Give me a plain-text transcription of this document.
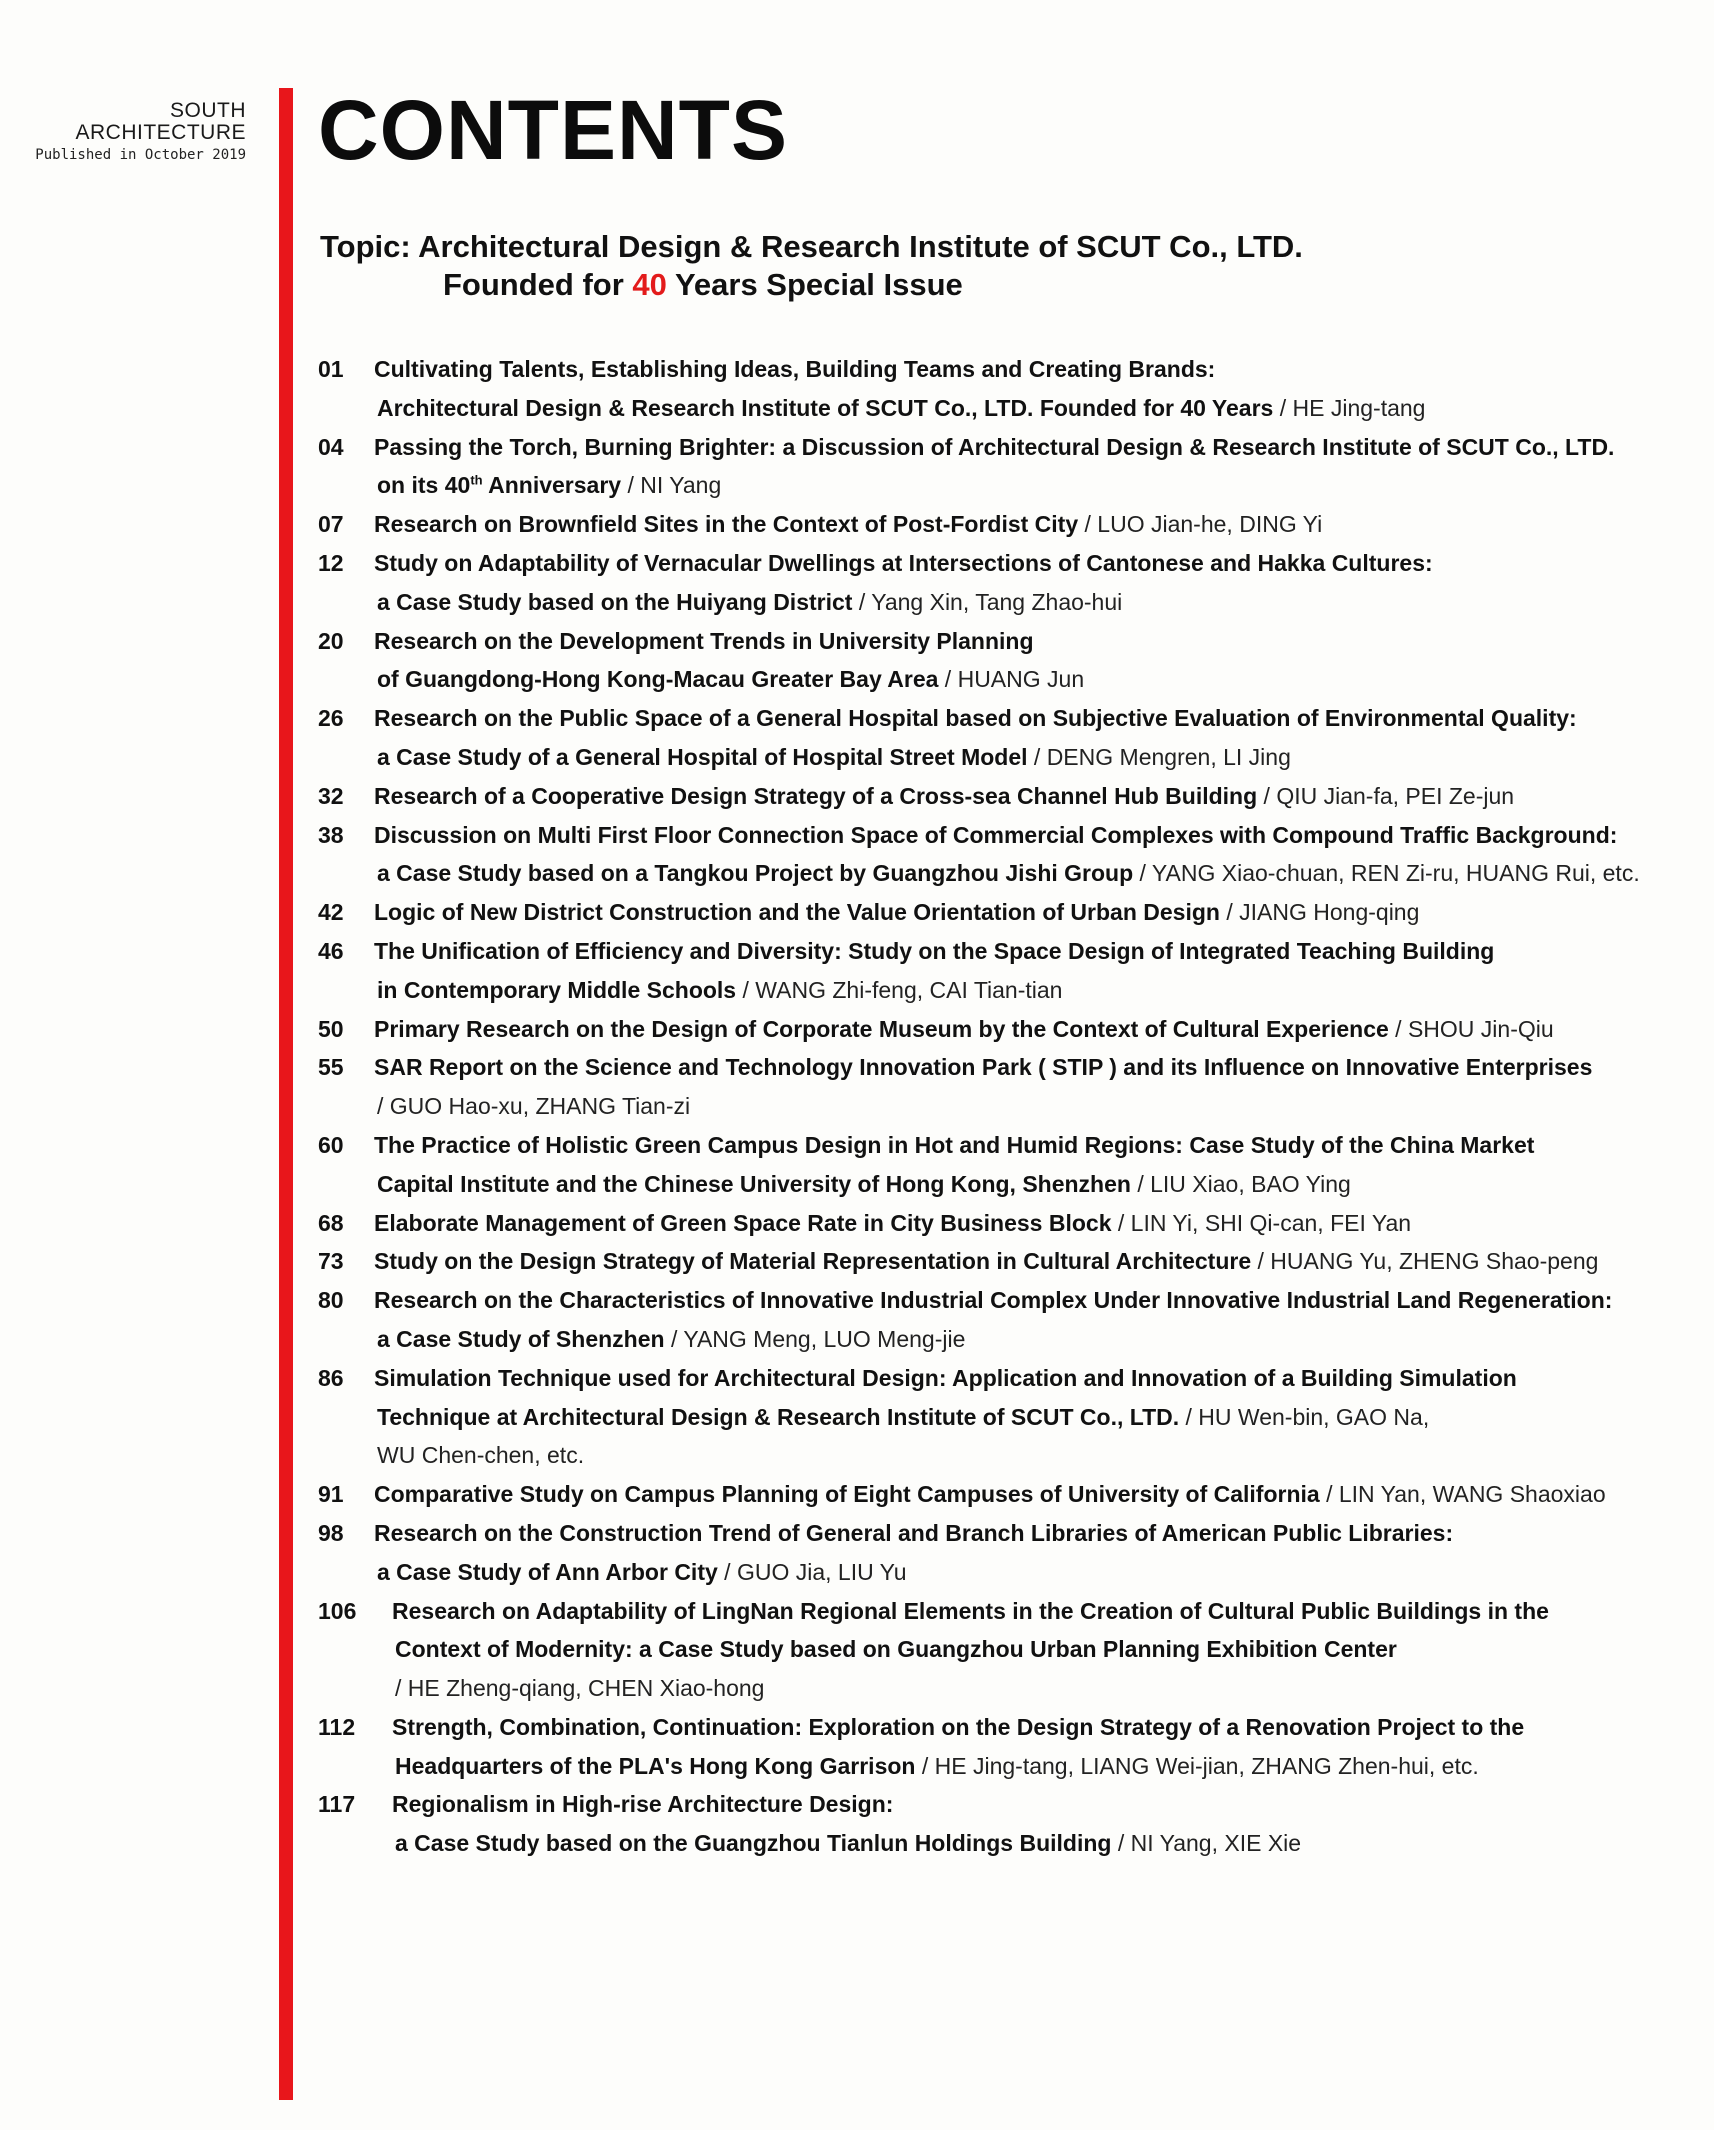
SOUTH
ARCHITECTURE
Published in October 2019 CONTENTS
Topic: Architectural Design & Research Institute of SCUT Co., LTD.
Founded for 40 Years Special Issue
01	Cultivating Talents, Establishing Ideas, Building Teams and Creating Brands:
Architectural Design & Research Institute of SCUT Co., LTD. Founded for 40 Years / HE Jing-tang
04	Passing the Torch, Burning Brighter: a Discussion of Architectural Design & Research Institute of SCUT Co., LTD.
on its 40th Anniversary / NI Yang
07	Research on Brownfield Sites in the Context of Post-Fordist City / LUO Jian-he, DING Yi
12	Study on Adaptability of Vernacular Dwellings at Intersections of Cantonese and Hakka Cultures:
a Case Study based on the Huiyang District / Yang Xin, Tang Zhao-hui
20	Research on the Development Trends in University Planning
of Guangdong-Hong Kong-Macau Greater Bay Area / HUANG Jun
26	Research on the Public Space of a General Hospital based on Subjective Evaluation of Environmental Quality:
a Case Study of a General Hospital of Hospital Street Model / DENG Mengren, LI Jing
32	Research of a Cooperative Design Strategy of a Cross-sea Channel Hub Building / QIU Jian-fa, PEI Ze-jun
38	Discussion on Multi First Floor Connection Space of Commercial Complexes with Compound Traffic Background:
a Case Study based on a Tangkou Project by Guangzhou Jishi Group / YANG Xiao-chuan, REN Zi-ru, HUANG Rui, etc.
42	Logic of New District Construction and the Value Orientation of Urban Design / JIANG Hong-qing
46	The Unification of Efficiency and Diversity: Study on the Space Design of Integrated Teaching Building
in Contemporary Middle Schools / WANG Zhi-feng, CAI Tian-tian
50	Primary Research on the Design of Corporate Museum by the Context of Cultural Experience / SHOU Jin-Qiu
55	SAR Report on the Science and Technology Innovation Park ( STIP ) and its Influence on Innovative Enterprises
/ GUO Hao-xu, ZHANG Tian-zi
60	The Practice of Holistic Green Campus Design in Hot and Humid Regions: Case Study of the China Market
Capital Institute and the Chinese University of Hong Kong, Shenzhen / LIU Xiao, BAO Ying
68	Elaborate Management of Green Space Rate in City Business Block / LIN Yi, SHI Qi-can, FEI Yan
73	Study on the Design Strategy of Material Representation in Cultural Architecture / HUANG Yu, ZHENG Shao-peng
80	Research on the Characteristics of Innovative Industrial Complex Under Innovative Industrial Land Regeneration:
a Case Study of Shenzhen / YANG Meng, LUO Meng-jie
86	Simulation Technique used for Architectural Design: Application and Innovation of a Building Simulation
Technique at Architectural Design & Research Institute of SCUT Co., LTD. / HU Wen-bin, GAO Na,
WU Chen-chen, etc.
91	Comparative Study on Campus Planning of Eight Campuses of University of California / LIN Yan, WANG Shaoxiao
98	Research on the Construction Trend of General and Branch Libraries of American Public Libraries:
a Case Study of Ann Arbor City / GUO Jia, LIU Yu
106	Research on Adaptability of LingNan Regional Elements in the Creation of Cultural Public Buildings in the
Context of Modernity: a Case Study based on Guangzhou Urban Planning Exhibition Center
/ HE Zheng-qiang, CHEN Xiao-hong
112	Strength, Combination, Continuation: Exploration on the Design Strategy of a Renovation Project to the
Headquarters of the PLA's Hong Kong Garrison / HE Jing-tang, LIANG Wei-jian, ZHANG Zhen-hui, etc.
117	Regionalism in High-rise Architecture Design:
a Case Study based on the Guangzhou Tianlun Holdings Building / NI Yang, XIE Xie
